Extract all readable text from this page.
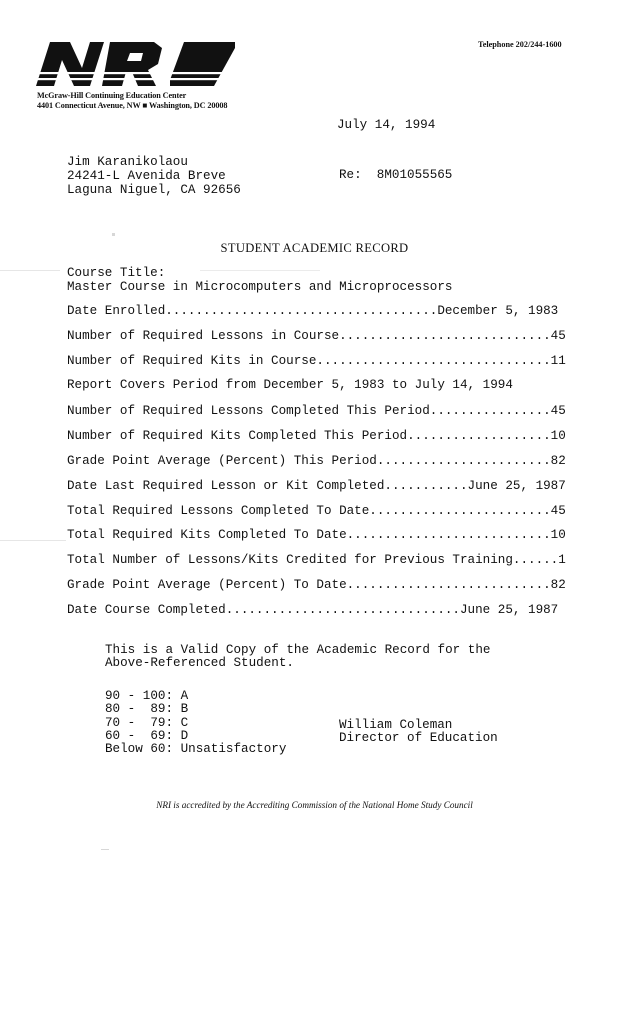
McGraw-Hill Continuing Education Center
4401 Connecticut Avenue, NW ■ Washington, DC 20008
Telephone 202/244-1600
July 14, 1994
Jim Karanikolaou
24241-L Avenida Breve
Laguna Niguel, CA 92656
Re:  8M01055565
STUDENT ACADEMIC RECORD
Course Title:
Master Course in Microcomputers and Microprocessors
Date Enrolled....................................December 5, 1983
Number of Required Lessons in Course............................45
Number of Required Kits in Course...............................11
Report Covers Period from December 5, 1983 to July 14, 1994
Number of Required Lessons Completed This Period................45
Number of Required Kits Completed This Period...................10
Grade Point Average (Percent) This Period.......................82
Date Last Required Lesson or Kit Completed...........June 25, 1987
Total Required Lessons Completed To Date........................45
Total Required Kits Completed To Date...........................10
Total Number of Lessons/Kits Credited for Previous Training......1
Grade Point Average (Percent) To Date...........................82
Date Course Completed...............................June 25, 1987
This is a Valid Copy of the Academic Record for the
Above-Referenced Student.
90 - 100: A
80 -  89: B
70 -  79: C
60 -  69: D
Below 60: Unsatisfactory
William Coleman
Director of Education
NRI is accredited by the Accrediting Commission of the National Home Study Council
